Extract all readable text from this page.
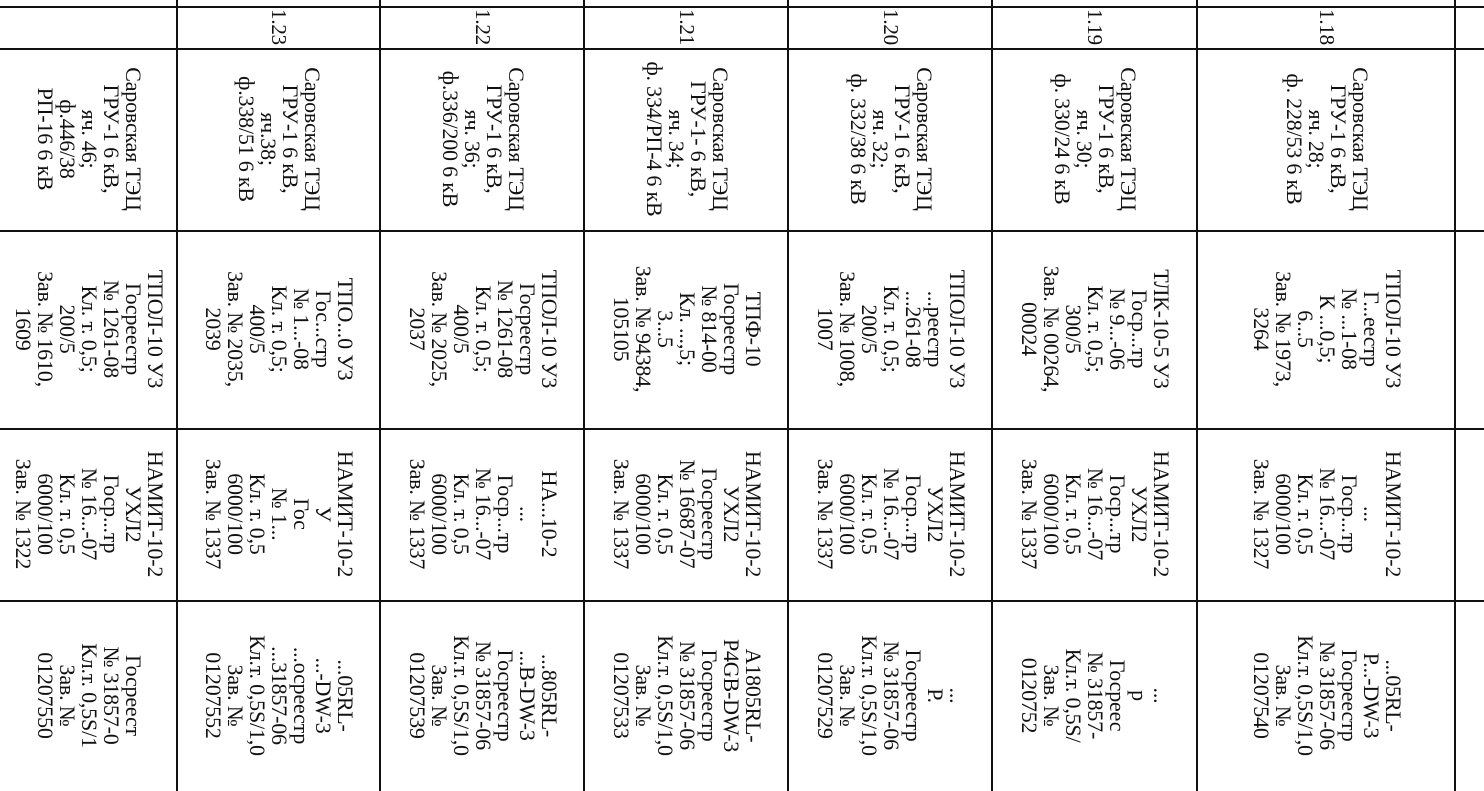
1.18
Саровская ТЭЦ
ГРУ-1 6 кВ,
яч. 28;
ф. 228/53 6 кВ
ТПОЛ-10 У3
Г...еестр
№ ...1-08
К ...0,5;
6...5
Зав. № 1973,
3264
НАМИТ-10-2
...
Госр...тр
№ 16...-07
Кл. т. 0,5
6000/100
Зав. № 1327
...05RL-
P...-DW-3
Госреестр
№ 31857-06
Кл.т. 0,5S/1,0
Зав. №
01207540
1.19
Саровская ТЭЦ
ГРУ-1 6 кВ,
яч. 30;
ф. 330/24 6 кВ
ТЛК-10-5 У3
Госр...тр
№ 9...-06
Кл. т. 0,5;
300/5
Зав. № 00264,
00024
НАМИТ-10-2
УХЛ2
Госр...тр
№ 16...-07
Кл. т. 0,5
6000/100
Зав. № 1337
...
р
Госреес
№ 31857-
Кл.т. 0,5S/
Зав. №
0120752
1.20
Саровская ТЭЦ
ГРУ-1 6 кВ,
яч. 32;
ф. 332/38 6 кВ
ТПОЛ-10 У3
...реестр
...261-08
Кл. т. 0,5;
200/5
Зав. № 1008,
1007
НАМИТ-10-2
УХЛ2
Госр...тр
№ 16...-07
Кл. т. 0,5
6000/100
Зав. № 1337
...
Р.
Госреестр
№ 31857-06
Кл.т. 0,5S/1,0
Зав. №
01207529
1.21
Саровская ТЭЦ
ГРУ-1- 6 кВ,
яч. 34;
ф. 334/РП-4 6 кВ
ТПФ-10
Госреестр
№ 814-00
Кл. ...,5;
3...5
Зав. № 94384,
105105
НАМИТ-10-2
УХЛ2
Госреестр
№ 16687-07
Кл. т. 0,5
6000/100
Зав. № 1337
А1805RL-
P4GB-DW-3
Госреестр
№ 31857-06
Кл.т. 0,5S/1,0
Зав. №
01207533
1.22
Саровская ТЭЦ
ГРУ-1 6 кВ,
яч. 36;
ф.336/200 6 кВ
ТПОЛ-10 У3
Госреестр
№ 1261-08
Кл. т. 0,5;
400/5
Зав. № 2025,
2037
НА...10-2
...
Госр...тр
№ 16...-07
Кл. т. 0,5
6000/100
Зав. № 1337
...805RL-
...В-DW-3
Госреестр
№ 31857-06
Кл.т. 0,5S/1,0
Зав. №
01207539
1.23
Саровская ТЭЦ
ГРУ-1 6 кВ,
яч.38;
ф.338/51 6 кВ
ТПО...0 У3
Гос...стр
№ 1...-08
Кл. т. 0,5;
400/5
Зав. № 2035,
2039
НАМИТ-10-2
У
Гос
№ 1...
Кл. т. 0,5
6000/100
Зав. № 1337
...05RL-
...-DW-3
...осреестр
...31857-06
Кл.т. 0,5S/1,0
Зав. №
01207552
Саровская ТЭЦ
ГРУ-1 6 кВ,
яч. 46;
ф.446/38
РП-16 6 кВ
ТПОЛ-10 У3
Госреестр
№ 1261-08
Кл. т. 0,5;
200/5
Зав. № 1610,
1609
НАМИТ-10-2
УХЛ2
Госр...тр
№ 16...-07
Кл. т. 0,5
6000/100
Зав. № 1322
Госреест
№ 31857-0
Кл.т. 0,5S/1
Зав. №
01207550
